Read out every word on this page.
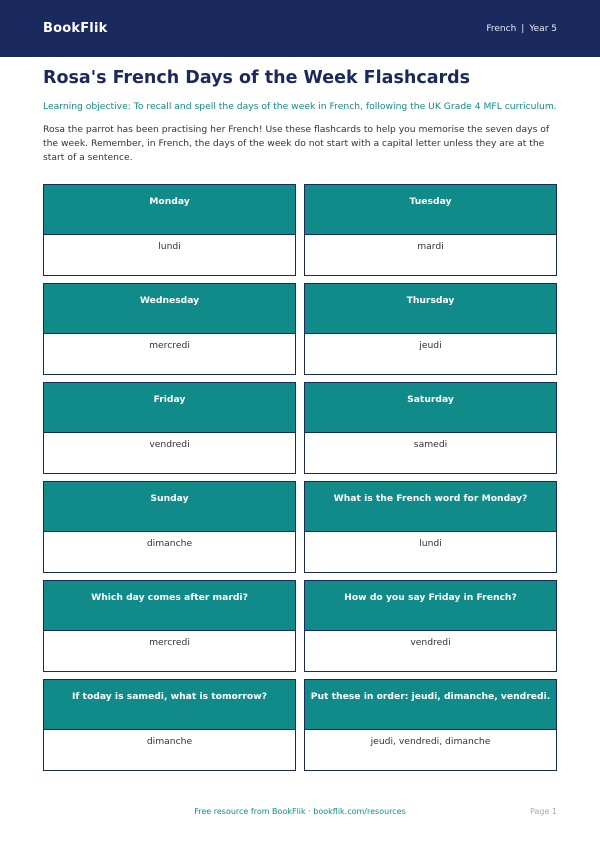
BookFlik	French | Year 5
Rosa's French Days of the Week Flashcards

Learning objective: To recall and spell the days of the week in French, following the UK Grade 4 MFL curriculum.

Rosa the parrot has been practising her French! Use these flashcards to help you memorise the seven days of the week. Remember, in French, the days of the week do not start with a capital letter unless they are at the start of a sentence.

Monday
lundi
Tuesday
mardi
Wednesday
mercredi
Thursday
jeudi
Friday
vendredi
Saturday
samedi
Sunday
dimanche
What is the French word for Monday?
lundi
Which day comes after mardi?
mercredi
How do you say Friday in French?
vendredi
If today is samedi, what is tomorrow?
dimanche
Put these in order: jeudi, dimanche, vendredi.
jeudi, vendredi, dimanche
Free resource from BookFlik · bookflik.com/resources	Page 1
